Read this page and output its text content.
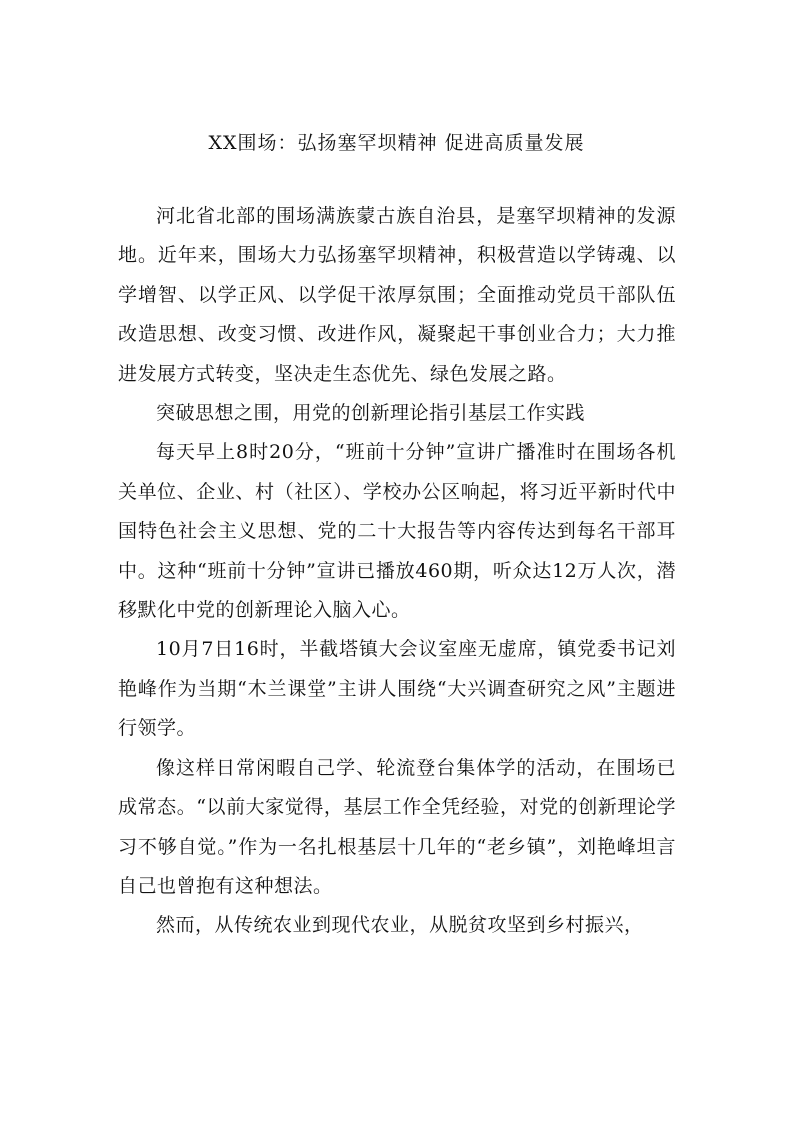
XX围场：弘扬塞罕坝精神 促进高质量发展

河北省北部的围场满族蒙古族自治县，是塞罕坝精神的发源地。近年来，围场大力弘扬塞罕坝精神，积极营造以学铸魂、以学增智、以学正风、以学促干浓厚氛围；全面推动党员干部队伍改造思想、改变习惯、改进作风，凝聚起干事创业合力；大力推进发展方式转变，坚决走生态优先、绿色发展之路。

突破思想之围，用党的创新理论指引基层工作实践

每天早上8时20分，“班前十分钟”宣讲广播准时在围场各机关单位、企业、村（社区）、学校办公区响起，将习近平新时代中国特色社会主义思想、党的二十大报告等内容传达到每名干部耳中。这种“班前十分钟”宣讲已播放460期，听众达12万人次，潜移默化中党的创新理论入脑入心。

10月7日16时，半截塔镇大会议室座无虚席，镇党委书记刘艳峰作为当期“木兰课堂”主讲人围绕“大兴调查研究之风”主题进行领学。

像这样日常闲暇自己学、轮流登台集体学的活动，在围场已成常态。“以前大家觉得，基层工作全凭经验，对党的创新理论学习不够自觉。”作为一名扎根基层十几年的“老乡镇”，刘艳峰坦言自己也曾抱有这种想法。

然而，从传统农业到现代农业，从脱贫攻坚到乡村振兴，
